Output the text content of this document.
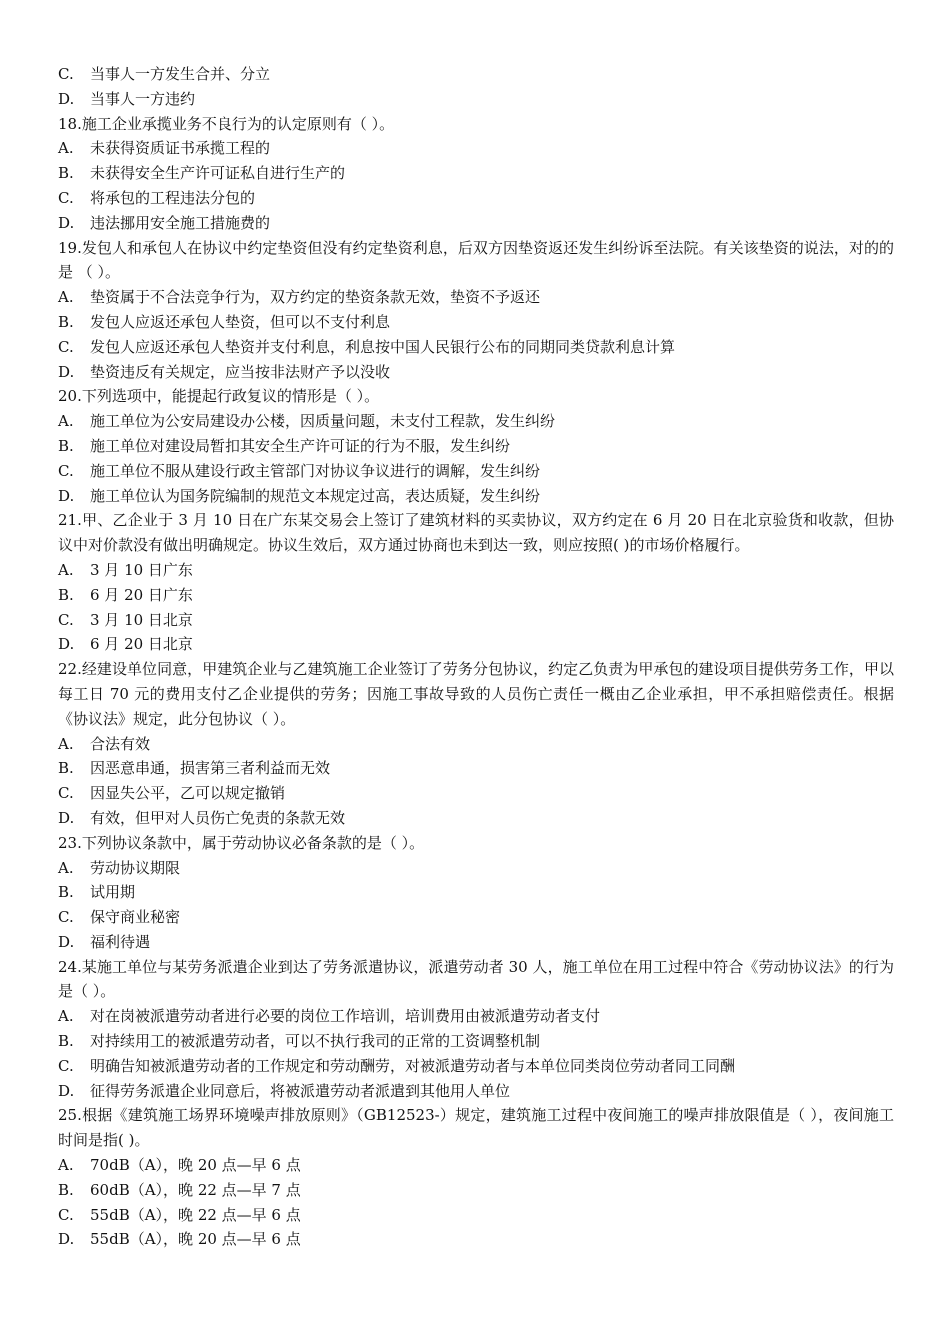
C. 当事人一方发生合并、分立
D. 当事人一方违约

18.施工企业承揽业务不良行为的认定原则有（ ）。

A. 未获得资质证书承揽工程的
B. 未获得安全生产许可证私自进行生产的
C. 将承包的工程违法分包的
D. 违法挪用安全施工措施费的

19.发包人和承包人在协议中约定垫资但没有约定垫资利息，后双方因垫资返还发生纠纷诉至法院。有关该垫资的说法，对的的是 （ ）。

A. 垫资属于不合法竞争行为，双方约定的垫资条款无效，垫资不予返还
B. 发包人应返还承包人垫资，但可以不支付利息
C. 发包人应返还承包人垫资并支付利息，利息按中国人民银行公布的同期同类贷款利息计算
D. 垫资违反有关规定，应当按非法财产予以没收

20.下列选项中，能提起行政复议的情形是（ ）。

A. 施工单位为公安局建设办公楼，因质量问题，未支付工程款，发生纠纷
B. 施工单位对建设局暂扣其安全生产许可证的行为不服，发生纠纷
C. 施工单位不服从建设行政主管部门对协议争议进行的调解，发生纠纷
D. 施工单位认为国务院编制的规范文本规定过高，表达质疑，发生纠纷

21.甲、乙企业于 3 月 10 日在广东某交易会上签订了建筑材料的买卖协议，双方约定在 6 月 20 日在北京验货和收款，但协议中对价款没有做出明确规定。协议生效后，双方通过协商也未到达一致，则应按照( )的市场价格履行。

A. 3 月 10 日广东
B. 6 月 20 日广东
C. 3 月 10 日北京
D. 6 月 20 日北京

22.经建设单位同意，甲建筑企业与乙建筑施工企业签订了劳务分包协议，约定乙负责为甲承包的建设项目提供劳务工作，甲以每工日 70 元的费用支付乙企业提供的劳务；因施工事故导致的人员伤亡责任一概由乙企业承担，甲不承担赔偿责任。根据《协议法》规定，此分包协议（ ）。

A. 合法有效
B. 因恶意串通，损害第三者利益而无效
C. 因显失公平，乙可以规定撤销
D. 有效，但甲对人员伤亡免责的条款无效

23.下列协议条款中，属于劳动协议必备条款的是（ ）。

A. 劳动协议期限
B. 试用期
C. 保守商业秘密
D. 福利待遇

24.某施工单位与某劳务派遣企业到达了劳务派遣协议，派遣劳动者 30 人，施工单位在用工过程中符合《劳动协议法》的行为是（ ）。

A. 对在岗被派遣劳动者进行必要的岗位工作培训，培训费用由被派遣劳动者支付
B. 对持续用工的被派遣劳动者，可以不执行我司的正常的工资调整机制
C. 明确告知被派遣劳动者的工作规定和劳动酬劳，对被派遣劳动者与本单位同类岗位劳动者同工同酬
D. 征得劳务派遣企业同意后，将被派遣劳动者派遣到其他用人单位

25.根据《建筑施工场界环境噪声排放原则》（GB12523-）规定，建筑施工过程中夜间施工的噪声排放限值是（ ），夜间施工时间是指( )。

A. 70dB（A），晚 20 点—早 6 点
B. 60dB（A），晚 22 点—早 7 点
C. 55dB（A），晚 22 点—早 6 点
D. 55dB（A），晚 20 点—早 6 点
